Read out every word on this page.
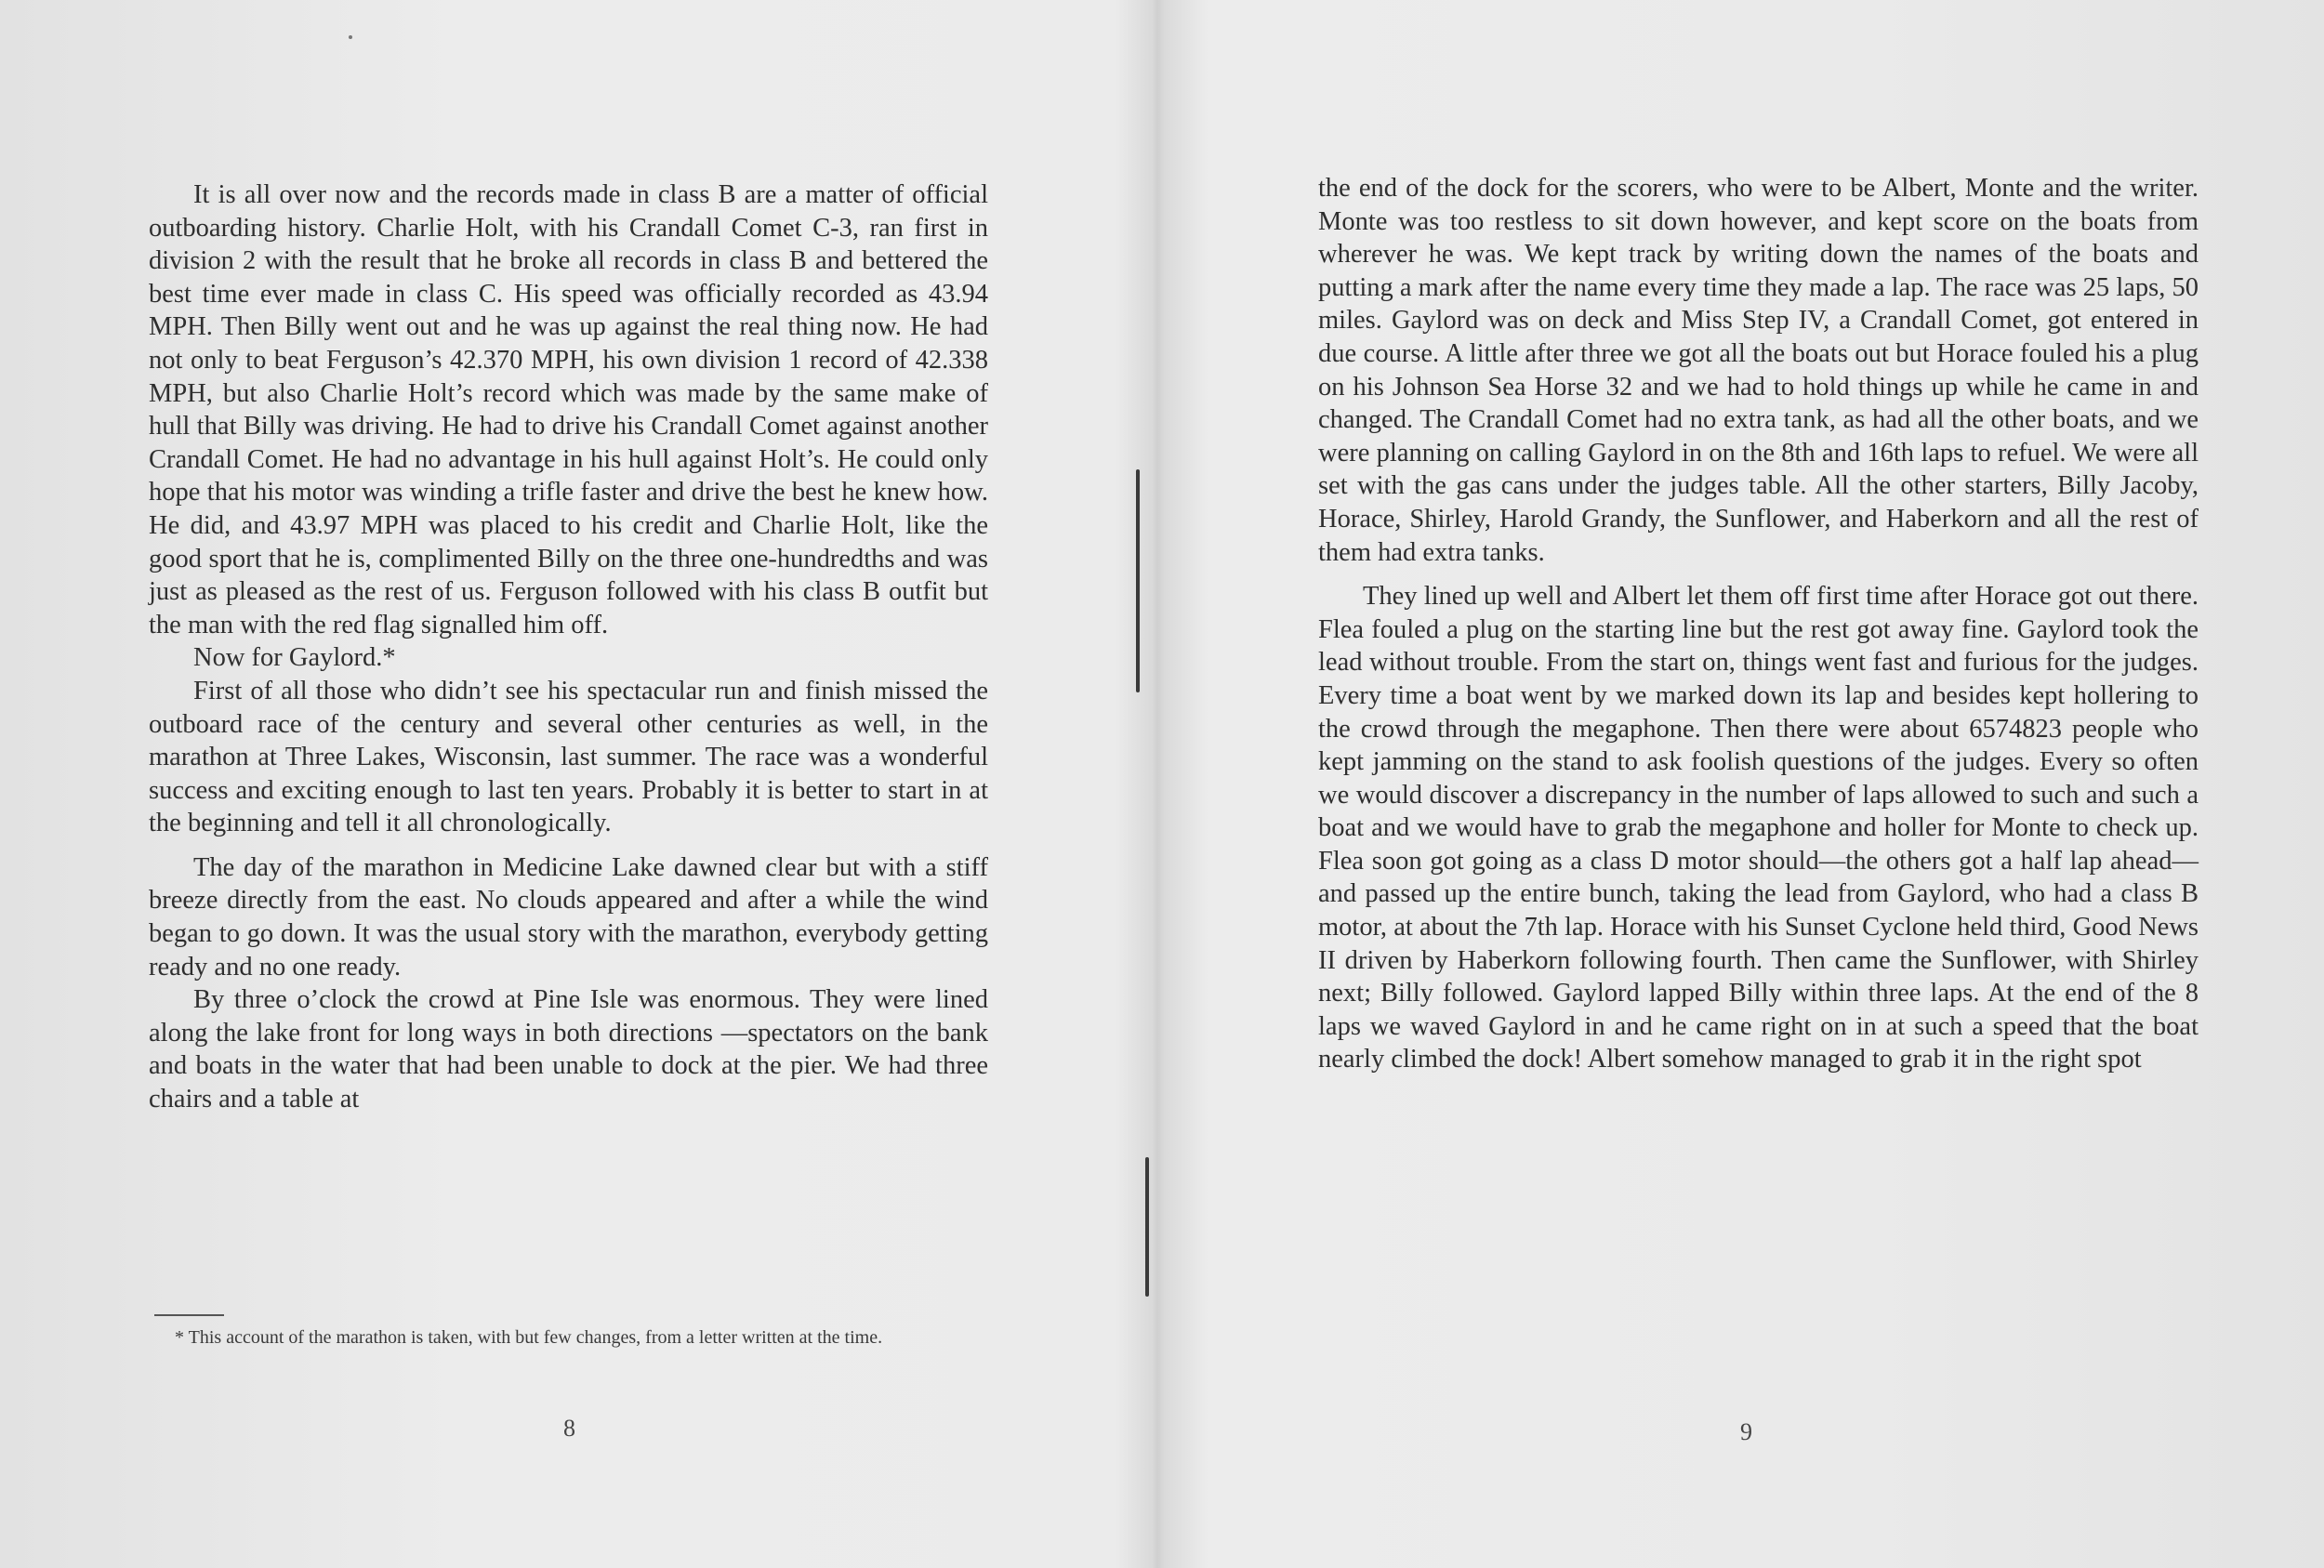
It is all over now and the records made in class B are a matter of official outboarding history. Charlie Holt, with his Crandall Comet C-3, ran first in division 2 with the result that he broke all records in class B and bettered the best time ever made in class C. His speed was officially recorded as 43.94 MPH. Then Billy went out and he was up against the real thing now. He had not only to beat Ferguson’s 42.370 MPH, his own division 1 record of 42.338 MPH, but also Charlie Holt’s record which was made by the same make of hull that Billy was driving. He had to drive his Crandall Comet against another Crandall Comet. He had no advantage in his hull against Holt’s. He could only hope that his motor was winding a trifle faster and drive the best he knew how. He did, and 43.97 MPH was placed to his credit and Charlie Holt, like the good sport that he is, complimented Billy on the three one-hundredths and was just as pleased as the rest of us. Ferguson followed with his class B outfit but the man with the red flag signalled him off.

Now for Gaylord.*

First of all those who didn’t see his spectacular run and finish missed the outboard race of the century and several other centuries as well, in the marathon at Three Lakes, Wisconsin, last summer. The race was a wonderful success and exciting enough to last ten years. Probably it is better to start in at the beginning and tell it all chronologically.

The day of the marathon in Medicine Lake dawned clear but with a stiff breeze directly from the east. No clouds appeared and after a while the wind began to go down. It was the usual story with the marathon, everybody getting ready and no one ready.

By three o’clock the crowd at Pine Isle was enormous. They were lined along the lake front for long ways in both directions —spectators on the bank and boats in the water that had been unable to dock at the pier. We had three chairs and a table at

* This account of the marathon is taken, with but few changes, from a letter written at the time.
8

the end of the dock for the scorers, who were to be Albert, Monte and the writer. Monte was too restless to sit down however, and kept score on the boats from wherever he was. We kept track by writing down the names of the boats and putting a mark after the name every time they made a lap. The race was 25 laps, 50 miles. Gaylord was on deck and Miss Step IV, a Crandall Comet, got entered in due course. A little after three we got all the boats out but Horace fouled his a plug on his Johnson Sea Horse 32 and we had to hold things up while he came in and changed. The Crandall Comet had no extra tank, as had all the other boats, and we were planning on calling Gaylord in on the 8th and 16th laps to refuel. We were all set with the gas cans under the judges table. All the other starters, Billy Jacoby, Horace, Shirley, Harold Grandy, the Sunflower, and Haberkorn and all the rest of them had extra tanks.

They lined up well and Albert let them off first time after Horace got out there. Flea fouled a plug on the starting line but the rest got away fine. Gaylord took the lead without trouble. From the start on, things went fast and furious for the judges. Every time a boat went by we marked down its lap and besides kept hollering to the crowd through the megaphone. Then there were about 6574823 people who kept jamming on the stand to ask foolish questions of the judges. Every so often we would discover a discrepancy in the number of laps allowed to such and such a boat and we would have to grab the megaphone and holler for Monte to check up. Flea soon got going as a class D motor should—the others got a half lap ahead—and passed up the entire bunch, taking the lead from Gaylord, who had a class B motor, at about the 7th lap. Horace with his Sunset Cyclone held third, Good News II driven by Haberkorn following fourth. Then came the Sunflower, with Shirley next; Billy followed. Gaylord lapped Billy within three laps. At the end of the 8 laps we waved Gaylord in and he came right on in at such a speed that the boat nearly climbed the dock! Albert somehow managed to grab it in the right spot

9
